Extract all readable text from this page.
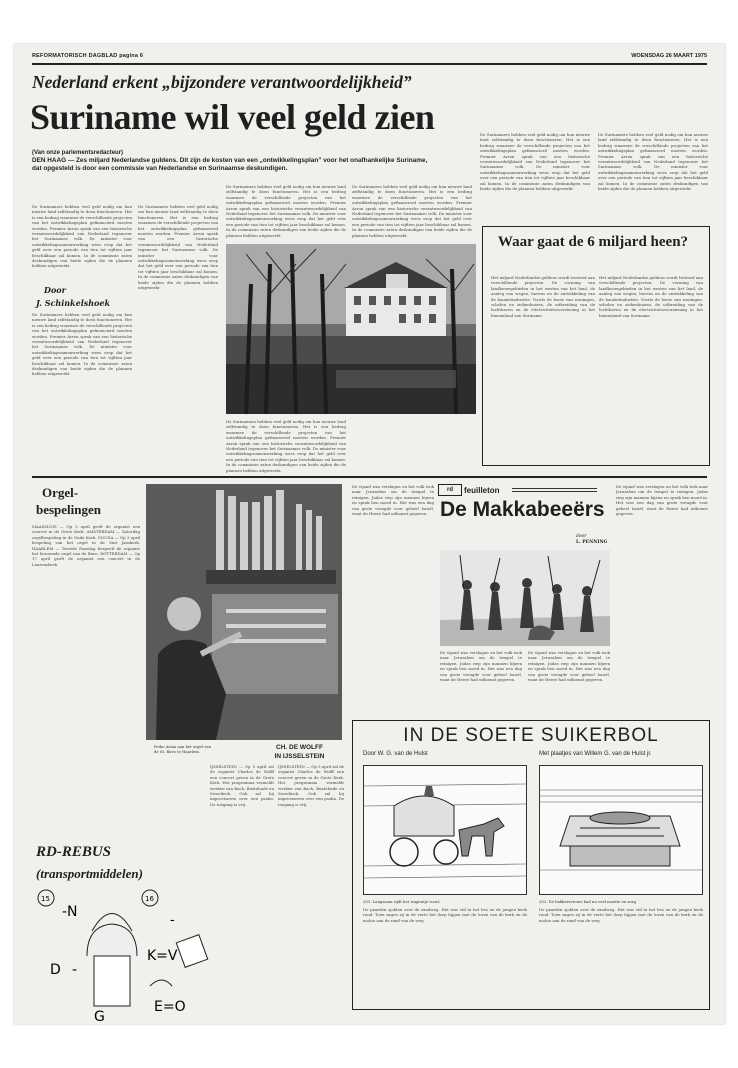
REFORMATORISCH DAGBLAD pagina 6	WOENSDAG 26 MAART 1975
Nederland erkent „bijzondere verantwoordelijkheid”
Suriname wil veel geld zien
(Van onze parlementsredacteur)
DEN HAAG — Zes miljard Nederlandse guldens. Dit zijn de kosten van een „ontwikkelingsplan” voor het onafhankelijke Suriname, dat opgesteld is door een commissie van Nederlandse en Surinaamse deskundigen.
Door
J. Schinkelshoek
De Surinamers hebben veel geld nodig om hun nieuwe land zelfstandig te doen functioneren. Het is een bedrag waarmee de verschillende projecten van het ontwikkelingsplan gefinancierd moeten worden. Premier Arron sprak van een historische verantwoordelijkheid van Nederland tegenover het Surinaamse volk. De minister voor ontwikkelingssamenwerking wees erop dat het geld over een periode van tien tot vijftien jaar beschikbaar zal komen. In de commissie zaten deskundigen van beide zijden die de plannen hebben uitgewerkt.
De Surinamers hebben veel geld nodig om hun nieuwe land zelfstandig te doen functioneren. Het is een bedrag waarmee de verschillende projecten van het ontwikkelingsplan gefinancierd moeten worden. Premier Arron sprak van een historische verantwoordelijkheid van Nederland tegenover het Surinaamse volk. De minister voor ontwikkelingssamenwerking wees erop dat het geld over een periode van tien tot vijftien jaar beschikbaar zal komen. In de commissie zaten deskundigen van beide zijden die de plannen hebben uitgewerkt.
De Surinamers hebben veel geld nodig om hun nieuwe land zelfstandig te doen functioneren. Het is een bedrag waarmee de verschillende projecten van het ontwikkelingsplan gefinancierd moeten worden. Premier Arron sprak van een historische verantwoordelijkheid van Nederland tegenover het Surinaamse volk. De minister voor ontwikkelingssamenwerking wees erop dat het geld over een periode van tien tot vijftien jaar beschikbaar zal komen. In de commissie zaten deskundigen van beide zijden die de plannen hebben uitgewerkt.
De Surinamers hebben veel geld nodig om hun nieuwe land zelfstandig te doen functioneren. Het is een bedrag waarmee de verschillende projecten van het ontwikkelingsplan gefinancierd moeten worden. Premier Arron sprak van een historische verantwoordelijkheid van Nederland tegenover het Surinaamse volk. De minister voor ontwikkelingssamenwerking wees erop dat het geld over een periode van tien tot vijftien jaar beschikbaar zal komen. In de commissie zaten deskundigen van beide zijden die de plannen hebben uitgewerkt.
De Surinamers hebben veel geld nodig om hun nieuwe land zelfstandig te doen functioneren. Het is een bedrag waarmee de verschillende projecten van het ontwikkelingsplan gefinancierd moeten worden. Premier Arron sprak van een historische verantwoordelijkheid van Nederland tegenover het Surinaamse volk. De minister voor ontwikkelingssamenwerking wees erop dat het geld over een periode van tien tot vijftien jaar beschikbaar zal komen. In de commissie zaten deskundigen van beide zijden die de plannen hebben uitgewerkt.
De Surinamers hebben veel geld nodig om hun nieuwe land zelfstandig te doen functioneren. Het is een bedrag waarmee de verschillende projecten van het ontwikkelingsplan gefinancierd moeten worden. Premier Arron sprak van een historische verantwoordelijkheid van Nederland tegenover het Surinaamse volk. De minister voor ontwikkelingssamenwerking wees erop dat het geld over een periode van tien tot vijftien jaar beschikbaar zal komen. In de commissie zaten deskundigen van beide zijden die de plannen hebben uitgewerkt.
De Surinamers hebben veel geld nodig om hun nieuwe land zelfstandig te doen functioneren. Het is een bedrag waarmee de verschillende projecten van het ontwikkelingsplan gefinancierd moeten worden. Premier Arron sprak van een historische verantwoordelijkheid van Nederland tegenover het Surinaamse volk. De minister voor ontwikkelingssamenwerking wees erop dat het geld over een periode van tien tot vijftien jaar beschikbaar zal komen. In de commissie zaten deskundigen van beide zijden die de plannen hebben uitgewerkt.
De Surinamers hebben veel geld nodig om hun nieuwe land zelfstandig te doen functioneren. Het is een bedrag waarmee de verschillende projecten van het ontwikkelingsplan gefinancierd moeten worden. Premier Arron sprak van een historische verantwoordelijkheid van Nederland tegenover het Surinaamse volk. De minister voor ontwikkelingssamenwerking wees erop dat het geld over een periode van tien tot vijftien jaar beschikbaar zal komen. In de commissie zaten deskundigen van beide zijden die de plannen hebben uitgewerkt.
Waar gaat de 6 miljard heen?
Het miljard Nederlandse guldens wordt besteed aan verschillende projecten. De vorming van landbouwgebieden in het westen van het land, de aanleg van wegen, havens en de ontwikkeling van de bauxietindustrie. Voorts de bouw van woningen, scholen en ziekenhuizen, de uitbreiding van de luchthaven en de electriciteitsvoorziening in het binnenland van Suriname.
Het miljard Nederlandse guldens wordt besteed aan verschillende projecten. De vorming van landbouwgebieden in het westen van het land, de aanleg van wegen, havens en de ontwikkeling van de bauxietindustrie. Voorts de bouw van woningen, scholen en ziekenhuizen, de uitbreiding van de luchthaven en de electriciteitsvoorziening in het binnenland van Suriname.
Orgel-
bespelingen
MAASSLUIS — Op 5 april geeft de organist een concert in de Grote Kerk. AMSTERDAM — Zaterdag orgelbespeling in de Oude Kerk. GOUDA — Op 3 april bespeling van het orgel in de Sint Janskerk. HAARLEM — Tweede Paasdag bespeelt de organist het beroemde orgel van de Bavo. ROTTERDAM — Op 17 april geeft de organist een concert in de Laurenskerk.
Feike Asma aan het orgel van de St. Bavo te Haarlem.
CH. DE WOLFF
IN IJSSELSTEIN
IJSSELSTEIN — Op 5 april zal de organist Charles de Wolff een concert geven in de Grote Kerk. Het programma vermeldt werken van Bach, Buxtehude en Sweelinck. Ook zal hij improviseren over een psalm. De toegang is vrij.
IJSSELSTEIN — Op 5 april zal de organist Charles de Wolff een concert geven in de Grote Kerk. Het programma vermeldt werken van Bach, Buxtehude en Sweelinck. Ook zal hij improviseren over een psalm. De toegang is vrij.
RD-REBUS
(transportmiddelen)
15
-N
D -
G
16
-
K=V
E=O
De vijand was verslagen en het volk trok naar Jeruzalem om de tempel te reinigen. Judas riep zijn mannen bijeen en sprak hen moed in. Het was een dag van grote vreugde voor geheel Israël, want de Heere had uitkomst gegeven.
rd	feuilleton
De Makkabeeërs
door
L. PENNING
De vijand was verslagen en het volk trok naar Jeruzalem om de tempel te reinigen. Judas riep zijn mannen bijeen en sprak hen moed in. Het was een dag van grote vreugde voor geheel Israël, want de Heere had uitkomst gegeven.
De vijand was verslagen en het volk trok naar Jeruzalem om de tempel te reinigen. Judas riep zijn mannen bijeen en sprak hen moed in. Het was een dag van grote vreugde voor geheel Israël, want de Heere had uitkomst gegeven.
De vijand was verslagen en het volk trok naar Jeruzalem om de tempel te reinigen. Judas riep zijn mannen bijeen en sprak hen moed in. Het was een dag van grote vreugde voor geheel Israël, want de Heere had uitkomst gegeven.
IN DE SOETE SUIKERBOL
Door W. G. van de Hulst	Met plaatjes van Willem G. van de Hulst jr.
201. Langzaam rijdt het wagentje voort.
De paarden sjokten over de zandweg. Het was stil in het bos en de jongen keek rond. Toen zagen zij in de verte het dorp liggen met de toren van de kerk en de molen aan de rand van de weg.
202. De bakkersvrouw had nu veel moeite en zorg.
De paarden sjokten over de zandweg. Het was stil in het bos en de jongen keek rond. Toen zagen zij in de verte het dorp liggen met de toren van de kerk en de molen aan de rand van de weg.
